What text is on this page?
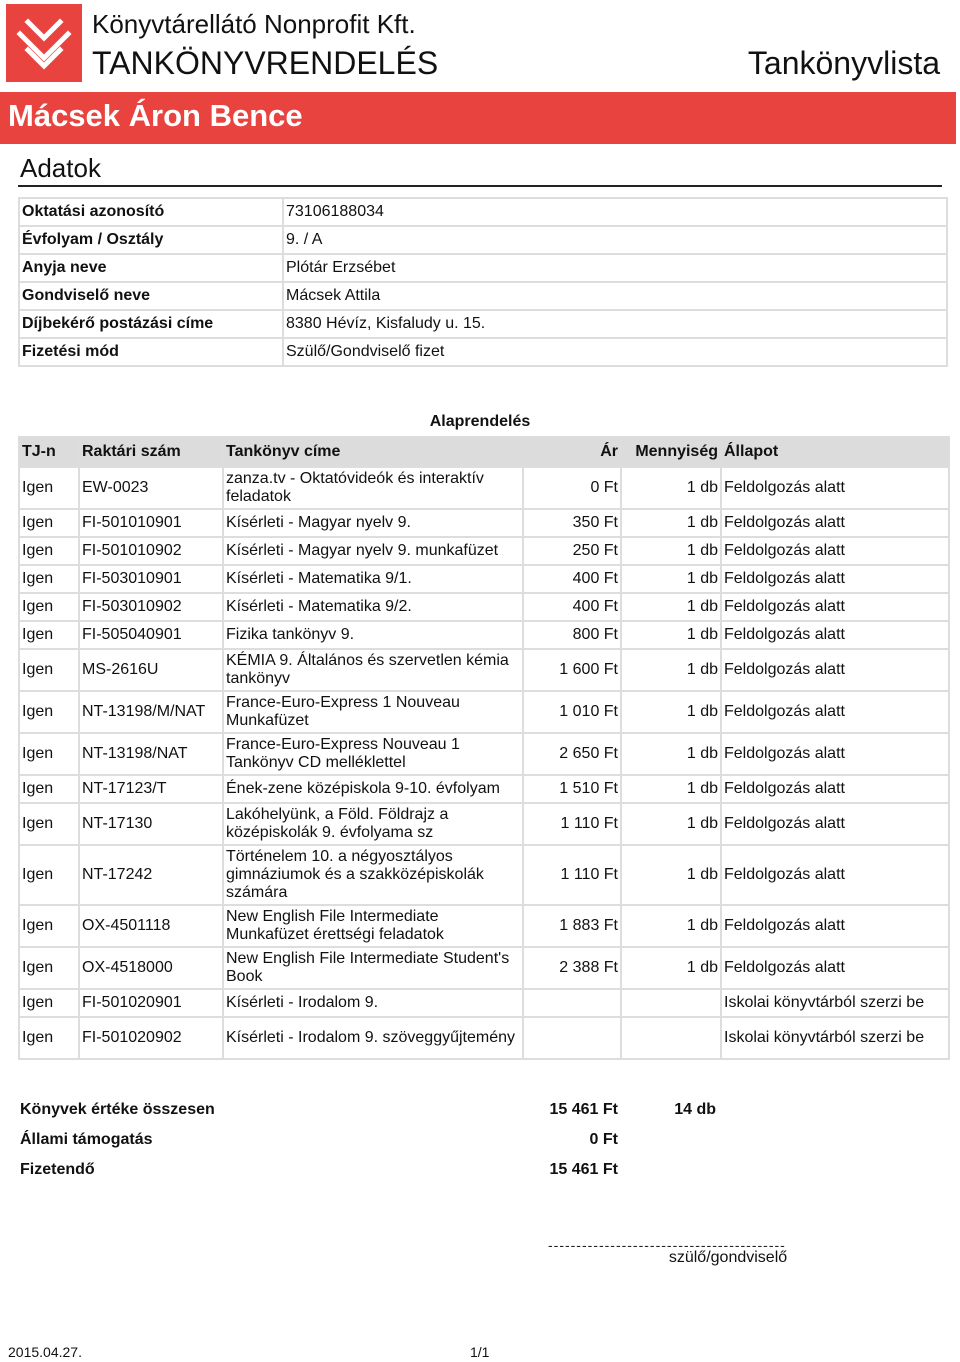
Könyvtárellátó Nonprofit Kft.
TANKÖNYVRENDELÉS	Tankönyvlista
Mácsek Áron Bence
Adatok
Oktatási azonosító	73106188034
Évfolyam / Osztály	9. / A
Anyja neve	Plótár Erzsébet
Gondviselő neve	Mácsek Attila
Díjbekérő postázási címe	8380 Hévíz, Kisfaludy u. 15.
Fizetési mód	Szülő/Gondviselő fizet
Alaprendelés
TJ-n	Raktári szám	Tankönyv címe	Ár	Mennyiség	Állapot
Igen	EW-0023	zanza.tv - Oktatóvideók és interaktív feladatok	0 Ft	1 db	Feldolgozás alatt
Igen	FI-501010901	Kísérleti - Magyar nyelv 9.	350 Ft	1 db	Feldolgozás alatt
Igen	FI-501010902	Kísérleti - Magyar nyelv 9. munkafüzet	250 Ft	1 db	Feldolgozás alatt
Igen	FI-503010901	Kísérleti - Matematika 9/1.	400 Ft	1 db	Feldolgozás alatt
Igen	FI-503010902	Kísérleti - Matematika 9/2.	400 Ft	1 db	Feldolgozás alatt
Igen	FI-505040901	Fizika tankönyv 9.	800 Ft	1 db	Feldolgozás alatt
Igen	MS-2616U	KÉMIA 9. Általános és szervetlen kémia tankönyv	1 600 Ft	1 db	Feldolgozás alatt
Igen	NT-13198/M/NAT	France-Euro-Express 1 Nouveau Munkafüzet	1 010 Ft	1 db	Feldolgozás alatt
Igen	NT-13198/NAT	France-Euro-Express Nouveau 1 Tankönyv CD melléklettel	2 650 Ft	1 db	Feldolgozás alatt
Igen	NT-17123/T	Ének-zene középiskola 9-10. évfolyam	1 510 Ft	1 db	Feldolgozás alatt
Igen	NT-17130	Lakóhelyünk, a Föld. Földrajz a középiskolák 9. évfolyama sz	1 110 Ft	1 db	Feldolgozás alatt
Igen	NT-17242	Történelem 10. a négyosztályos gimnáziumok és a szakközépiskolák számára	1 110 Ft	1 db	Feldolgozás alatt
Igen	OX-4501118	New English File Intermediate Munkafüzet érettségi feladatok	1 883 Ft	1 db	Feldolgozás alatt
Igen	OX-4518000	New English File Intermediate Student's Book	2 388 Ft	1 db	Feldolgozás alatt
Igen	FI-501020901	Kísérleti - Irodalom 9.			Iskolai könyvtárból szerzi be
Igen	FI-501020902	Kísérleti - Irodalom 9. szöveggyűjtemény			Iskolai könyvtárból szerzi be
Könyvek értéke összesen	15 461 Ft	14 db
Állami támogatás	0 Ft	
Fizetendő	15 461 Ft	
------------------------------------------
szülő/gondviselő
2015.04.27.	1/1
